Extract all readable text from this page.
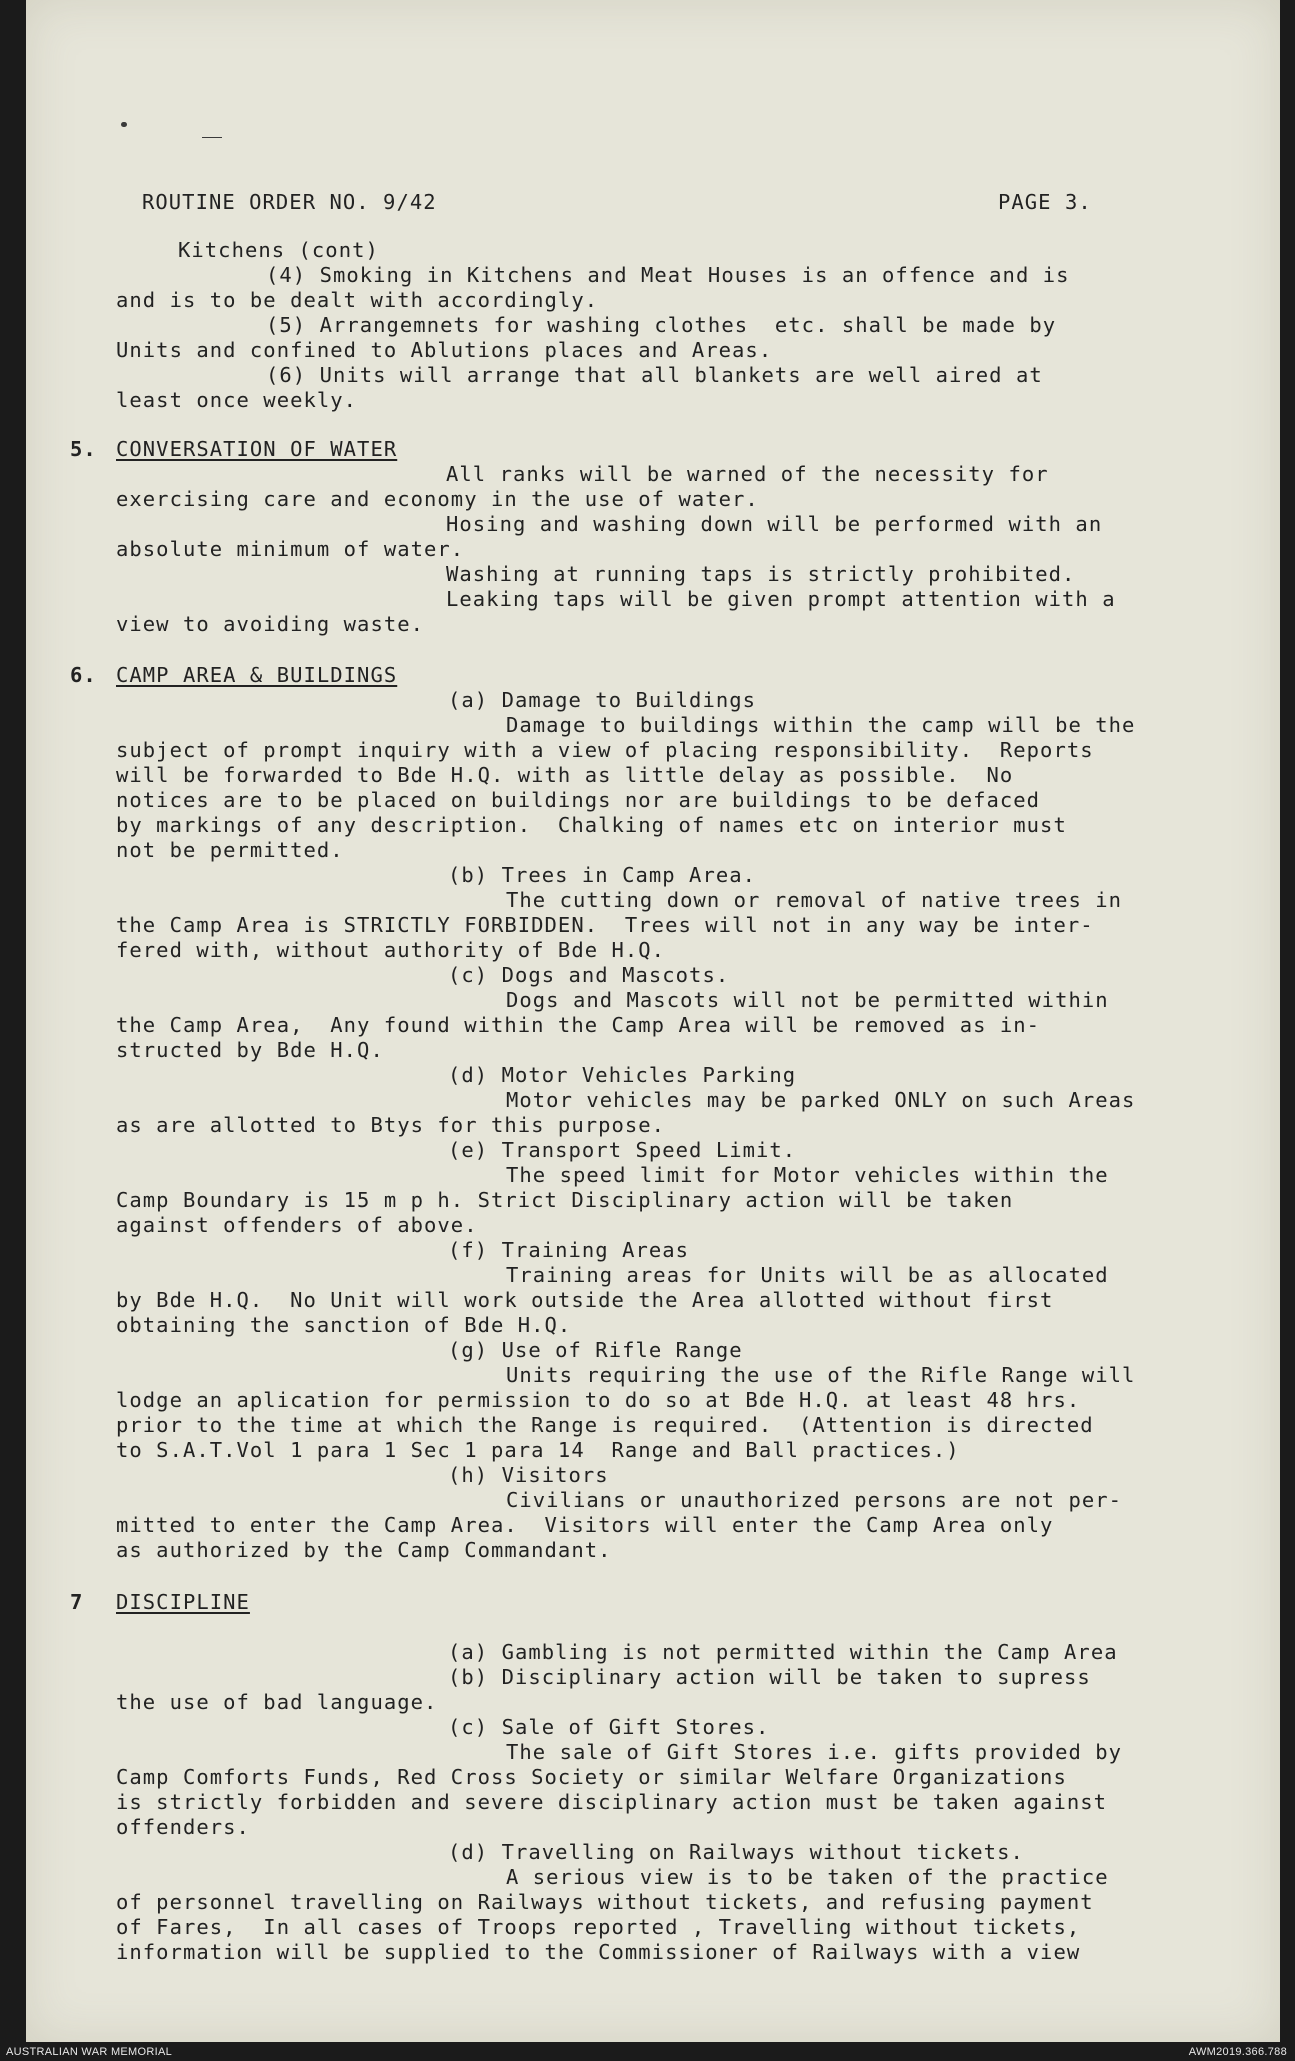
ROUTINE ORDER NO. 9/42	PAGE 3.
Kitchens (cont)
(4) Smoking in Kitchens and Meat Houses is an offence and is
and is to be dealt with accordingly.
(5) Arrangemnets for washing clothes  etc. shall be made by
Units and confined to Ablutions places and Areas.
(6) Units will arrange that all blankets are well aired at
least once weekly.
5. CONVERSATION OF WATER
All ranks will be warned of the necessity for
exercising care and economy in the use of water.
Hosing and washing down will be performed with an
absolute minimum of water.
Washing at running taps is strictly prohibited.
Leaking taps will be given prompt attention with a
view to avoiding waste.
6. CAMP AREA & BUILDINGS
(a) Damage to Buildings
Damage to buildings within the camp will be the
subject of prompt inquiry with a view of placing responsibility.  Reports
will be forwarded to Bde H.Q. with as little delay as possible.  No
notices are to be placed on buildings nor are buildings to be defaced
by markings of any description.  Chalking of names etc on interior must
not be permitted.
(b) Trees in Camp Area.
The cutting down or removal of native trees in
the Camp Area is STRICTLY FORBIDDEN.  Trees will not in any way be inter-
fered with, without authority of Bde H.Q.
(c) Dogs and Mascots.
Dogs and Mascots will not be permitted within
the Camp Area,  Any found within the Camp Area will be removed as in-
structed by Bde H.Q.
(d) Motor Vehicles Parking
Motor vehicles may be parked ONLY on such Areas
as are allotted to Btys for this purpose.
(e) Transport Speed Limit.
The speed limit for Motor vehicles within the
Camp Boundary is 15 m p h. Strict Disciplinary action will be taken
against offenders of above.
(f) Training Areas
Training areas for Units will be as allocated
by Bde H.Q.  No Unit will work outside the Area allotted without first
obtaining the sanction of Bde H.Q.
(g) Use of Rifle Range
Units requiring the use of the Rifle Range will
lodge an aplication for permission to do so at Bde H.Q. at least 48 hrs.
prior to the time at which the Range is required.  (Attention is directed
to S.A.T.Vol 1 para 1 Sec 1 para 14  Range and Ball practices.)
(h) Visitors
Civilians or unauthorized persons are not per-
mitted to enter the Camp Area.  Visitors will enter the Camp Area only
as authorized by the Camp Commandant.
7 DISCIPLINE
(a) Gambling is not permitted within the Camp Area
(b) Disciplinary action will be taken to supress
the use of bad language.
(c) Sale of Gift Stores.
The sale of Gift Stores i.e. gifts provided by
Camp Comforts Funds, Red Cross Society or similar Welfare Organizations
is strictly forbidden and severe disciplinary action must be taken against
offenders.
(d) Travelling on Railways without tickets.
A serious view is to be taken of the practice
of personnel travelling on Railways without tickets, and refusing payment
of Fares,  In all cases of Troops reported , Travelling without tickets,
information will be supplied to the Commissioner of Railways with a view
AUSTRALIAN WAR MEMORIAL	AWM2019.366.788
